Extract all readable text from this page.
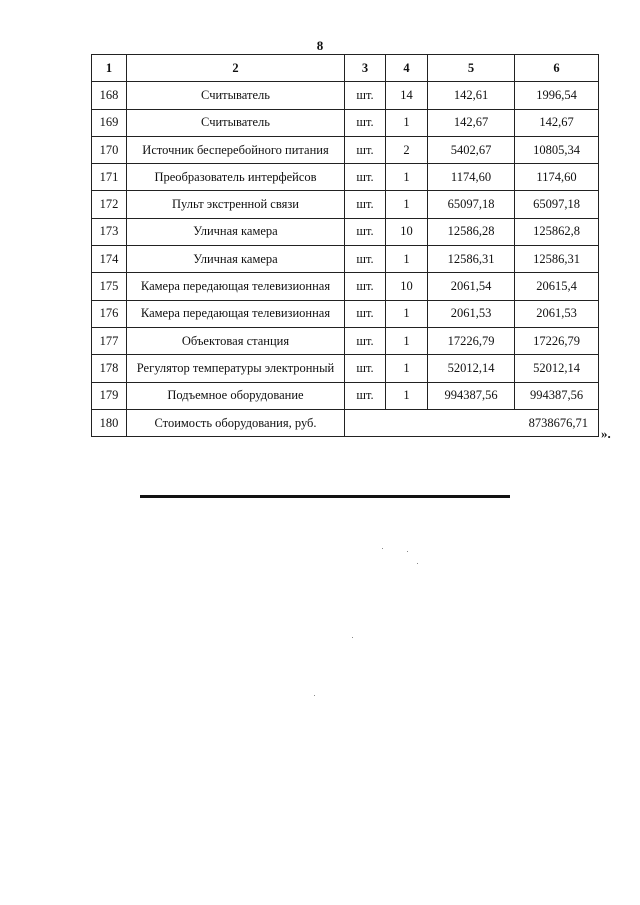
8
1	2	3	4	5	6
168	Считыватель	шт.	14	142,61	1996,54
169	Считыватель	шт.	1	142,67	142,67
170	Источник бесперебойного питания	шт.	2	5402,67	10805,34
171	Преобразователь интерфейсов	шт.	1	1174,60	1174,60
172	Пульт экстренной связи	шт.	1	65097,18	65097,18
173	Уличная камера	шт.	10	12586,28	125862,8
174	Уличная камера	шт.	1	12586,31	12586,31
175	Камера передающая телевизионная	шт.	10	2061,54	20615,4
176	Камера передающая телевизионная	шт.	1	2061,53	2061,53
177	Объектовая станция	шт.	1	17226,79	17226,79
178	Регулятор температуры электронный	шт.	1	52012,14	52012,14
179	Подъемное оборудование	шт.	1	994387,56	994387,56
180	Стоимость оборудования, руб.	8738676,71			
».
